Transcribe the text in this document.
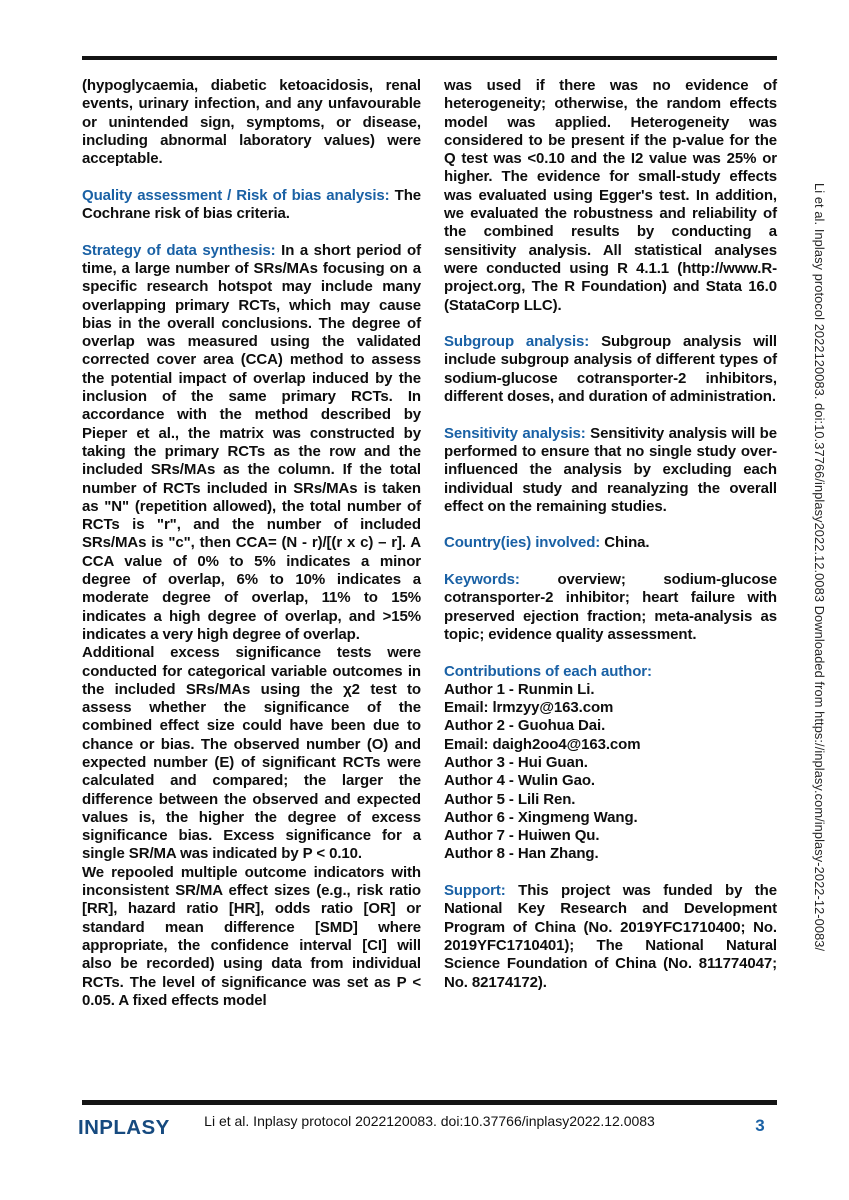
(hypoglycaemia, diabetic ketoacidosis, renal events, urinary infection, and any unfavourable or unintended sign, symptoms, or disease, including abnormal laboratory values) were acceptable.

Quality assessment / Risk of bias analysis: The Cochrane risk of bias criteria.

Strategy of data synthesis: In a short period of time, a large number of SRs/MAs focusing on a specific research hotspot may include many overlapping primary RCTs, which may cause bias in the overall conclusions. The degree of overlap was measured using the validated corrected cover area (CCA) method to assess the potential impact of overlap induced by the inclusion of the same primary RCTs. In accordance with the method described by Pieper et al., the matrix was constructed by taking the primary RCTs as the row and the included SRs/MAs as the column. If the total number of RCTs included in SRs/MAs is taken as "N" (repetition allowed), the total number of RCTs is "r", and the number of included SRs/MAs is "c", then CCA= (N - r)/[(r x c) – r]. A CCA value of 0% to 5% indicates a minor degree of overlap, 6% to 10% indicates a moderate degree of overlap, 11% to 15% indicates a high degree of overlap, and >15% indicates a very high degree of overlap.

Additional excess significance tests were conducted for categorical variable outcomes in the included SRs/MAs using the χ2 test to assess whether the significance of the combined effect size could have been due to chance or bias. The observed number (O) and expected number (E) of significant RCTs were calculated and compared; the larger the difference between the observed and expected values is, the higher the degree of excess significance bias. Excess significance for a single SR/MA was indicated by P < 0.10.

We repooled multiple outcome indicators with inconsistent SR/MA effect sizes (e.g., risk ratio [RR], hazard ratio [HR], odds ratio [OR] or standard mean difference [SMD] where appropriate, the confidence interval [CI] will also be recorded) using data from individual RCTs. The level of significance was set as P < 0.05. A fixed effects model

was used if there was no evidence of heterogeneity; otherwise, the random effects model was applied. Heterogeneity was considered to be present if the p-value for the Q test was <0.10 and the I2 value was 25% or higher. The evidence for small-study effects was evaluated using Egger's test. In addition, we evaluated the robustness and reliability of the combined results by conducting a sensitivity analysis. All statistical analyses were conducted using R 4.1.1 (http://www.R-project.org, The R Foundation) and Stata 16.0 (StataCorp LLC).

Subgroup analysis: Subgroup analysis will include subgroup analysis of different types of sodium-glucose cotransporter-2 inhibitors, different doses, and duration of administration.

Sensitivity analysis: Sensitivity analysis will be performed to ensure that no single study over-influenced the analysis by excluding each individual study and reanalyzing the overall effect on the remaining studies.

Country(ies) involved: China.

Keywords:	overview; sodium-glucose cotransporter-2 inhibitor; heart failure with preserved ejection fraction; meta-analysis as topic; evidence quality assessment.

Contributions of each author:
Author 1 - Runmin Li.
Email: lrmzyy@163.com
Author 2 - Guohua Dai.
Email: daigh2oo4@163.com
Author 3 - Hui Guan.
Author 4 - Wulin Gao.
Author 5 - Lili Ren.
Author 6 - Xingmeng Wang.
Author 7 - Huiwen Qu.
Author 8 - Han Zhang.

Support: This project was funded by the National Key Research and Development Program of China (No. 2019YFC1710400; No. 2019YFC1710401); The National Natural Science Foundation of China (No. 811774047; No. 82174172).

Li et al. Inplasy protocol 2022120083. doi:10.37766/inplasy2022.12.0083 Downloaded from https://inplasy.com/inplasy-2022-12-0083/
INPLASY	Li et al. Inplasy protocol 2022120083. doi:10.37766/inplasy2022.12.0083	3
